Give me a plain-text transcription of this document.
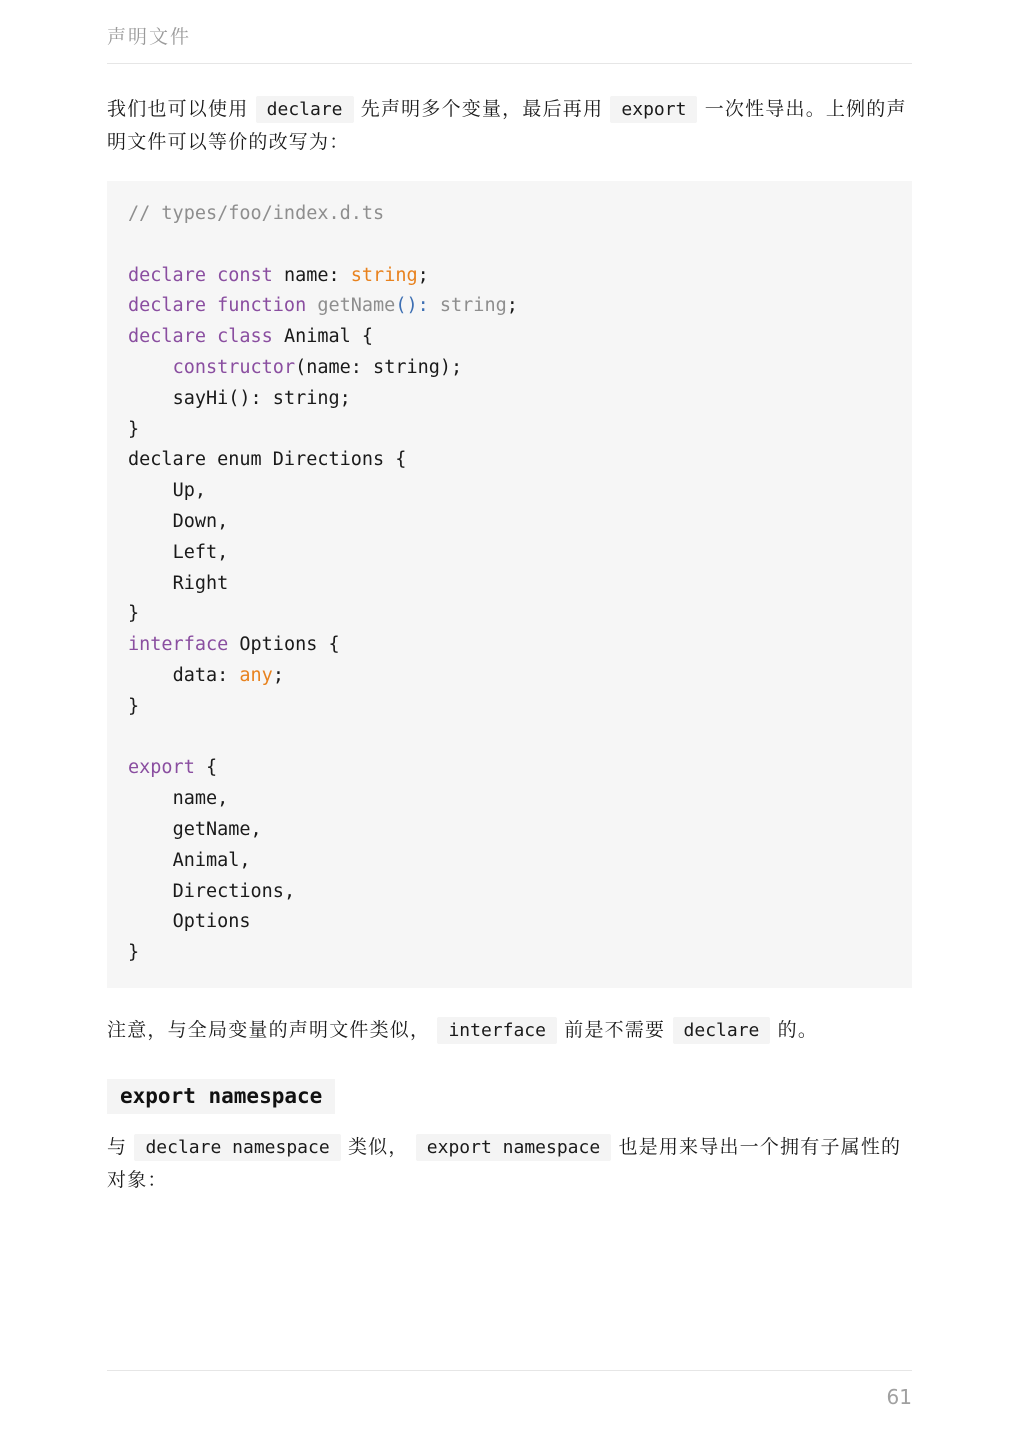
声明文件
我们也可以使用 declare 先声明多个变量，最后再用 export 一次性导出。上例的声明文件可以等价的改写为：
// types/foo/index.d.ts

declare const name: string;
declare function getName(): string;
declare class Animal {
constructor(name: string);
sayHi(): string;
}
declare enum Directions {
Up,
Down,
Left,
Right
}
interface Options {
data: any;
}

export {
name,
getName,
Animal,
Directions,
Options
}
注意，与全局变量的声明文件类似， interface 前是不需要 declare 的。
export namespace
与 declare namespace 类似， export namespace 也是用来导出一个拥有子属性的对象：
61
